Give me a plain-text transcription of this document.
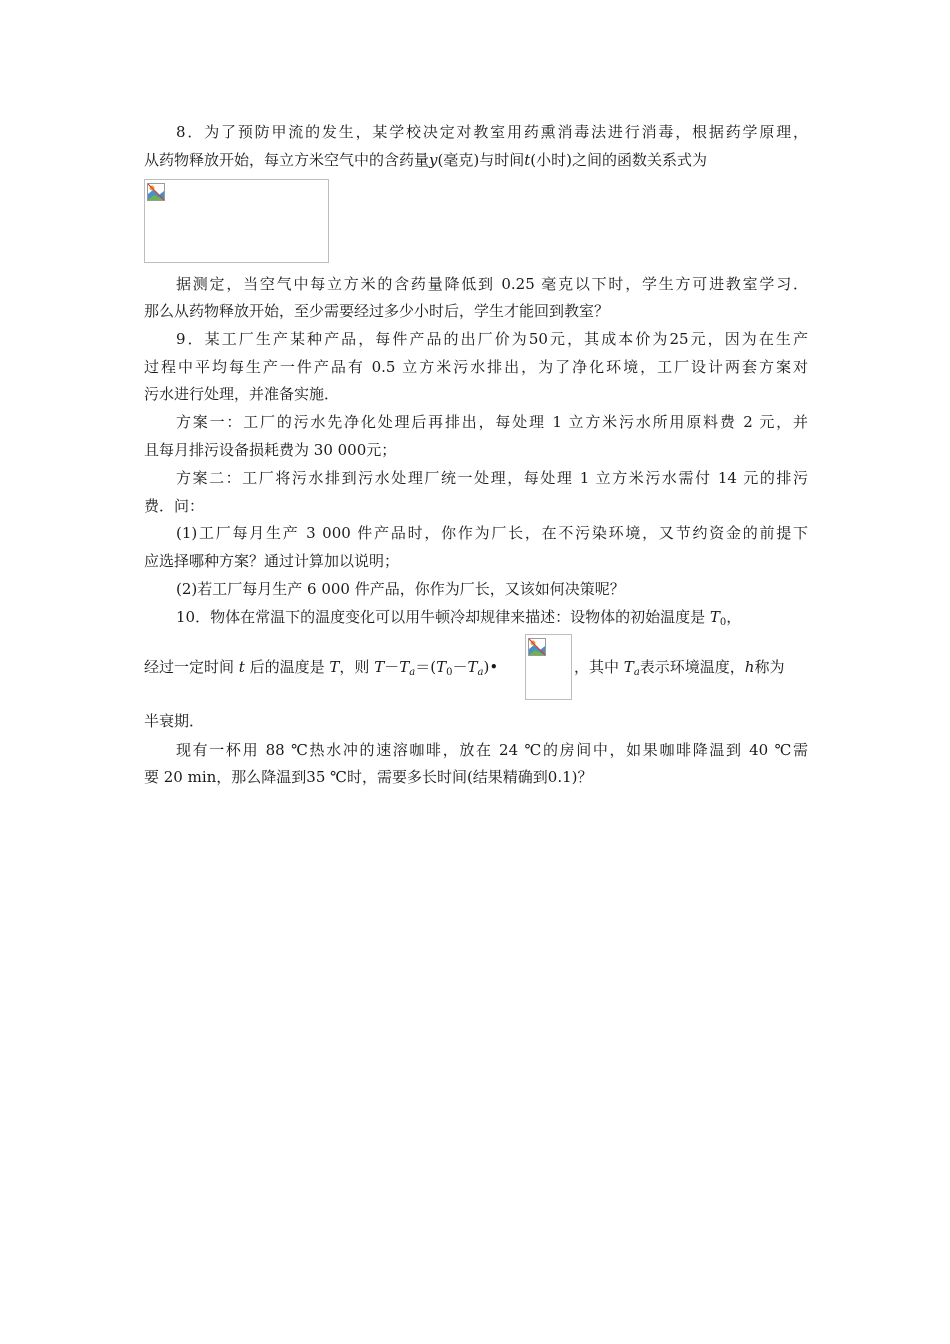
8．为了预防甲流的发生，某学校决定对教室用药熏消毒法进行消毒，根据药学原理，
从药物释放开始，每立方米空气中的含药量y(毫克)与时间t(小时)之间的函数关系式为
据测定，当空气中每立方米的含药量降低到 0.25 毫克以下时，学生方可进教室学习．
那么从药物释放开始，至少需要经过多少小时后，学生才能回到教室？
9．某工厂生产某种产品，每件产品的出厂价为50元，其成本价为25元，因为在生产
过程中平均每生产一件产品有 0.5 立方米污水排出，为了净化环境，工厂设计两套方案对
污水进行处理，并准备实施．
方案一：工厂的污水先净化处理后再排出，每处理 1 立方米污水所用原料费 2 元，并
且每月排污设备损耗费为 30 000元；
方案二：工厂将污水排到污水处理厂统一处理，每处理 1 立方米污水需付 14 元的排污
费．问：
(1)工厂每月生产 3 000 件产品时，你作为厂长，在不污染环境，又节约资金的前提下
应选择哪种方案？通过计算加以说明；
(2)若工厂每月生产 6 000 件产品，你作为厂长，又该如何决策呢？
10．物体在常温下的温度变化可以用牛顿冷却规律来描述：设物体的初始温度是 $T_0$，
经过一定时间 t 后的温度是 T，则 $T-T_a=(T_0-T_a)•$	，其中 $T_a$表示环境温度，h称为
半衰期．
现有一杯用 88 ℃热水冲的速溶咖啡，放在 24 ℃的房间中，如果咖啡降温到 40 ℃需
要 20 min，那么降温到35 ℃时，需要多长时间(结果精确到0.1)？
